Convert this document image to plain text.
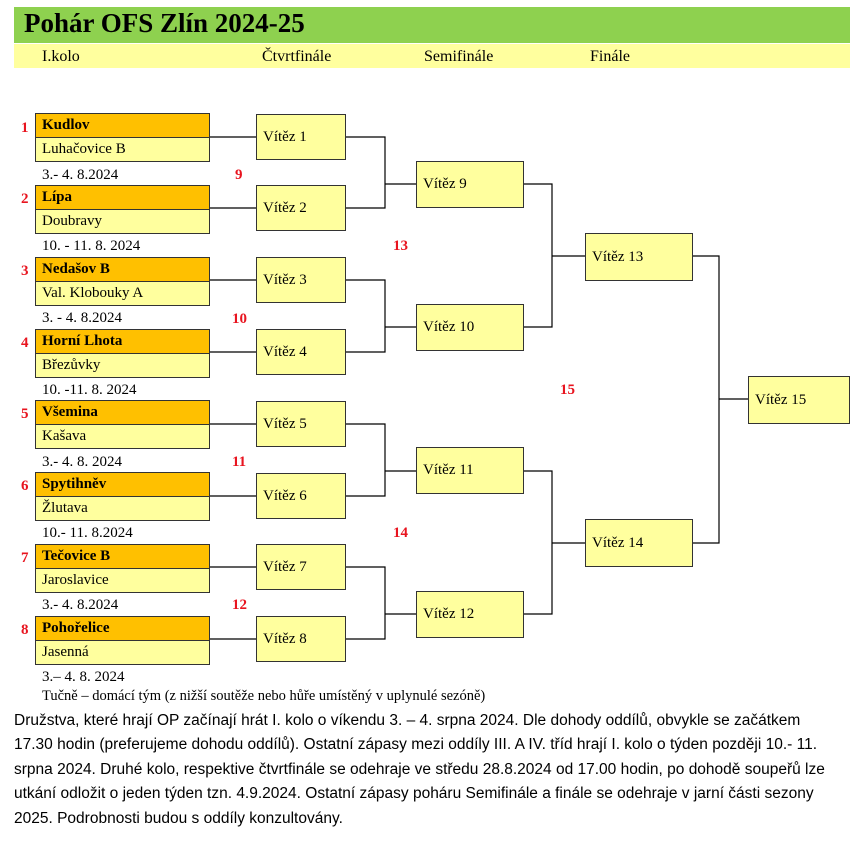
Pohár OFS Zlín 2024-25
I.kolo	Čtvrtfinále	Semifinále	Finále
1 Kudlov
Luhačovice B
3.- 4. 8.2024
2 Lípa
Doubravy
10. - 11. 8. 2024
3 Nedašov B
Val. Klobouky A
3. - 4. 8.2024
4 Horní Lhota
Březůvky
10. -11. 8. 2024
5 Všemina
Kašava
3.- 4. 8. 2024
6 Spytihněv
Žlutava
10.- 11. 8.2024
7 Tečovice B
Jaroslavice
3.- 4. 8.2024
8 Pohořelice
Jasenná
3.– 4. 8. 2024
Vítěz 1
Vítěz 2
Vítěz 3
Vítěz 4
Vítěz 5
Vítěz 6
Vítěz 7
Vítěz 8
9
10
11
12
Vítěz 9
Vítěz 10
Vítěz 11
Vítěz 12
13
14
Vítěz 13
Vítěz 14
15
Vítěz 15
Tučně – domácí tým (z nižší soutěže nebo hůře umístěný v uplynulé sezóně)
Družstva, které hrají OP začínají hrát I. kolo o víkendu 3. – 4. srpna 2024. Dle dohody oddílů, obvykle se začátkem 17.30 hodin (preferujeme dohodu oddílů). Ostatní zápasy mezi oddíly III. A IV. tříd hrají I. kolo o týden později 10.- 11. srpna 2024. Druhé kolo, respektive čtvrtfinále se odehraje ve středu 28.8.2024 od 17.00 hodin, po dohodě soupeřů lze utkání odložit o jeden týden tzn. 4.9.2024. Ostatní zápasy poháru Semifinále a finále se odehraje v jarní části sezony 2025. Podrobnosti budou s oddíly konzultovány.
